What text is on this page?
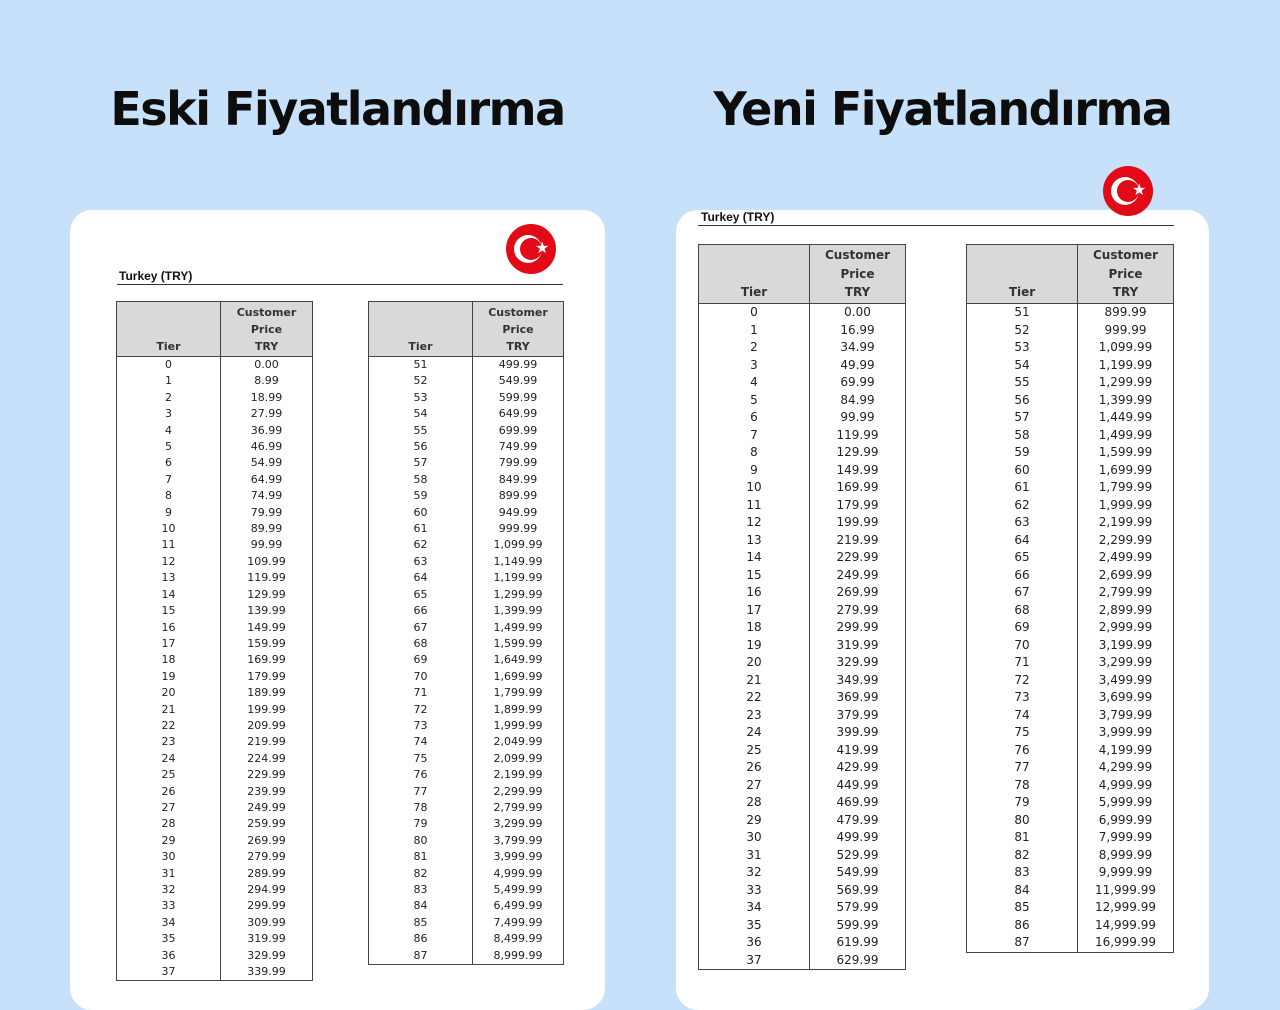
Eski Fiyatlandırma	Yeni Fiyatlandırma
★
Turkey (TRY)
Tier	Customer
Price
TRY
0	0.00
1	8.99
2	18.99
3	27.99
4	36.99
5	46.99
6	54.99
7	64.99
8	74.99
9	79.99
10	89.99
11	99.99
12	109.99
13	119.99
14	129.99
15	139.99
16	149.99
17	159.99
18	169.99
19	179.99
20	189.99
21	199.99
22	209.99
23	219.99
24	224.99
25	229.99
26	239.99
27	249.99
28	259.99
29	269.99
30	279.99
31	289.99
32	294.99
33	299.99
34	309.99
35	319.99
36	329.99
37	339.99
Tier	Customer
Price
TRY
51	499.99
52	549.99
53	599.99
54	649.99
55	699.99
56	749.99
57	799.99
58	849.99
59	899.99
60	949.99
61	999.99
62	1,099.99
63	1,149.99
64	1,199.99
65	1,299.99
66	1,399.99
67	1,499.99
68	1,599.99
69	1,649.99
70	1,699.99
71	1,799.99
72	1,899.99
73	1,999.99
74	2,049.99
75	2,099.99
76	2,199.99
77	2,299.99
78	2,799.99
79	3,299.99
80	3,799.99
81	3,999.99
82	4,999.99
83	5,499.99
84	6,499.99
85	7,499.99
86	8,499.99
87	8,999.99
★
Turkey (TRY)
Tier	Customer
Price
TRY
0	0.00
1	16.99
2	34.99
3	49.99
4	69.99
5	84.99
6	99.99
7	119.99
8	129.99
9	149.99
10	169.99
11	179.99
12	199.99
13	219.99
14	229.99
15	249.99
16	269.99
17	279.99
18	299.99
19	319.99
20	329.99
21	349.99
22	369.99
23	379.99
24	399.99
25	419.99
26	429.99
27	449.99
28	469.99
29	479.99
30	499.99
31	529.99
32	549.99
33	569.99
34	579.99
35	599.99
36	619.99
37	629.99
Tier	Customer
Price
TRY
51	899.99
52	999.99
53	1,099.99
54	1,199.99
55	1,299.99
56	1,399.99
57	1,449.99
58	1,499.99
59	1,599.99
60	1,699.99
61	1,799.99
62	1,999.99
63	2,199.99
64	2,299.99
65	2,499.99
66	2,699.99
67	2,799.99
68	2,899.99
69	2,999.99
70	3,199.99
71	3,299.99
72	3,499.99
73	3,699.99
74	3,799.99
75	3,999.99
76	4,199.99
77	4,299.99
78	4,999.99
79	5,999.99
80	6,999.99
81	7,999.99
82	8,999.99
83	9,999.99
84	11,999.99
85	12,999.99
86	14,999.99
87	16,999.99
